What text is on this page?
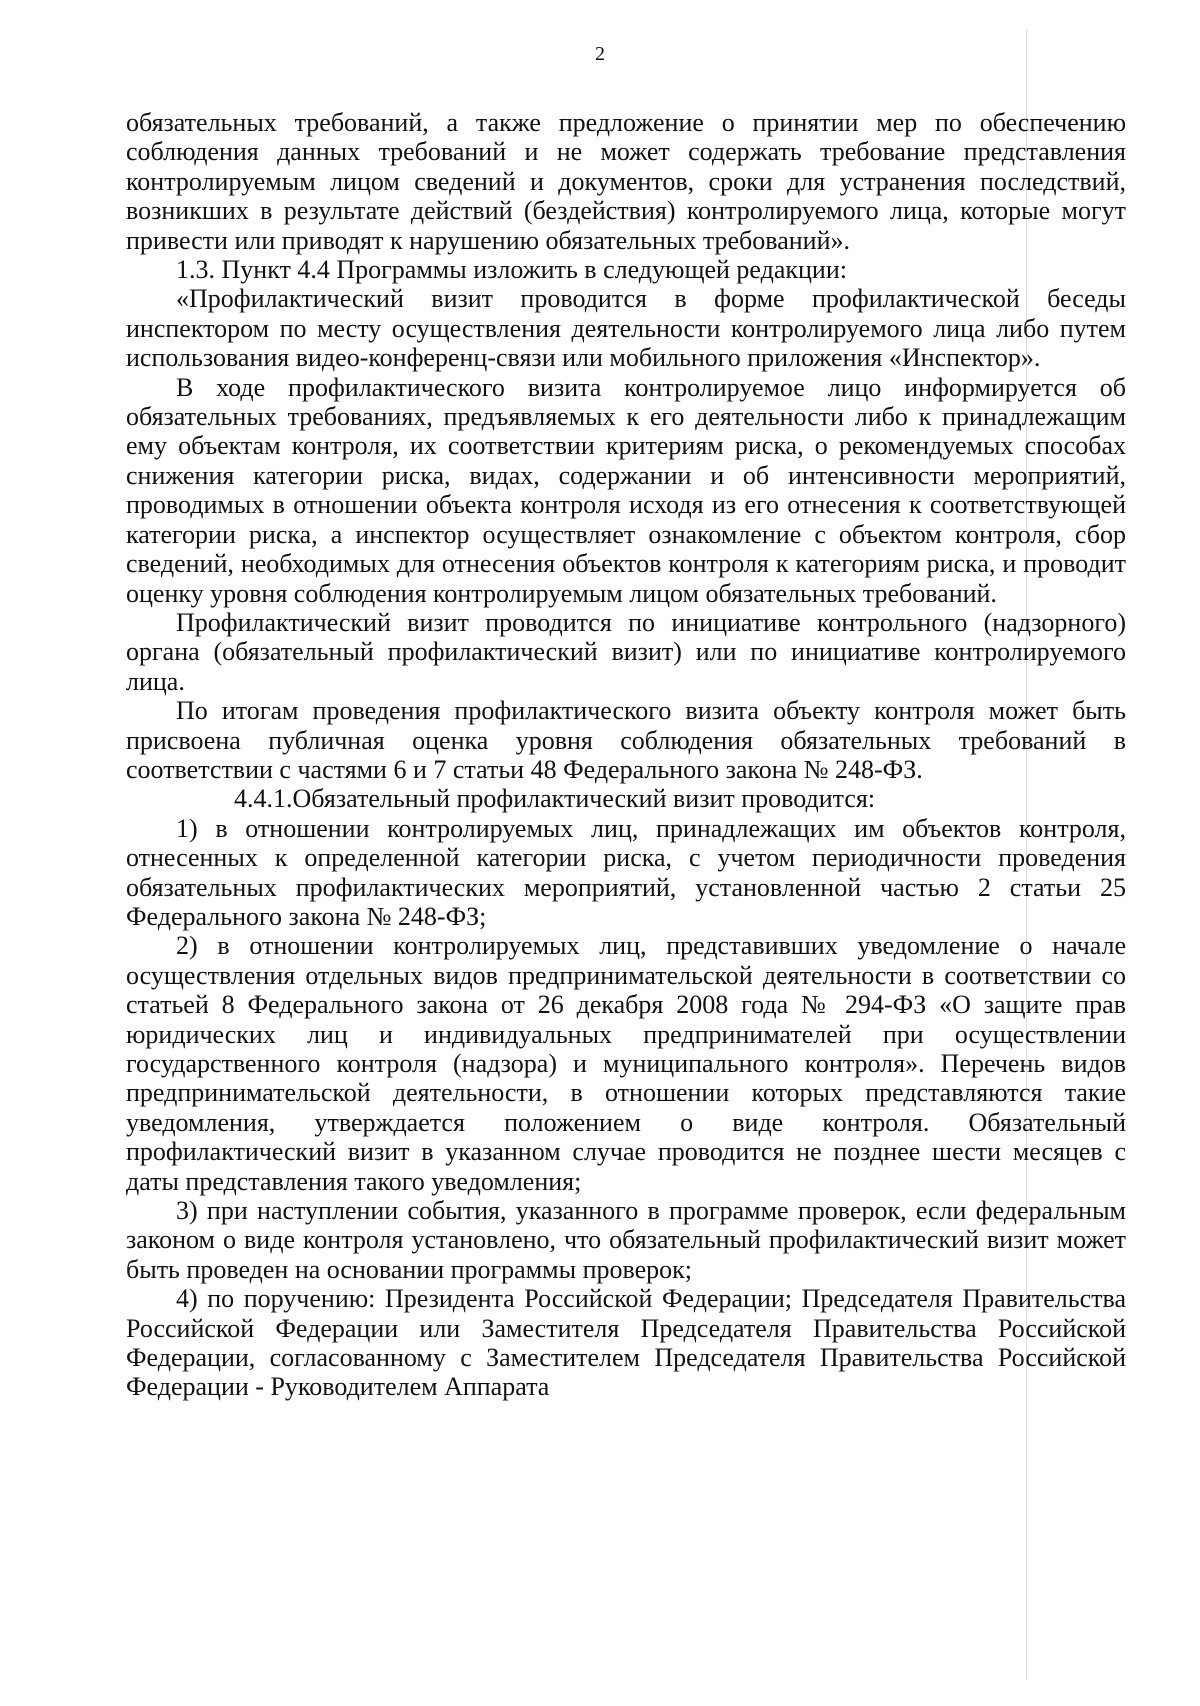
2

обязательных требований, а также предложение о принятии мер по обеспечению соблюдения данных требований и не может содержать требование представления контролируемым лицом сведений и документов, сроки для устранения последствий, возникших в результате действий (бездействия) контролируемого лица, которые могут привести или приводят к нарушению обязательных требований».

1.3. Пункт 4.4 Программы изложить в следующей редакции:

«Профилактический визит проводится в форме профилактической беседы инспектором по месту осуществления деятельности контролируемого лица либо путем использования видео-конференц-связи или мобильного приложения «Инспектор».

В ходе профилактического визита контролируемое лицо информируется об обязательных требованиях, предъявляемых к его деятельности либо к принадлежащим ему объектам контроля, их соответствии критериям риска, о рекомендуемых способах снижения категории риска, видах, содержании и об интенсивности мероприятий, проводимых в отношении объекта контроля исходя из его отнесения к соответствующей категории риска, а инспектор осуществляет ознакомление с объектом контроля, сбор сведений, необходимых для отнесения объектов контроля к категориям риска, и проводит оценку уровня соблюдения контролируемым лицом обязательных требований.

Профилактический визит проводится по инициативе контрольного (надзорного) органа (обязательный профилактический визит) или по инициативе контролируемого лица.

По итогам проведения профилактического визита объекту контроля может быть присвоена публичная оценка уровня соблюдения обязательных требований в соответствии с частями 6 и 7 статьи 48 Федерального закона № 248-ФЗ.

4.4.1.Обязательный профилактический визит проводится:

1) в отношении контролируемых лиц, принадлежащих им объектов контроля, отнесенных к определенной категории риска, с учетом периодичности проведения обязательных профилактических мероприятий, установленной частью 2 статьи 25 Федерального закона № 248-ФЗ;

2) в отношении контролируемых лиц, представивших уведомление о начале осуществления отдельных видов предпринимательской деятельности в соответствии со статьей 8 Федерального закона от 26 декабря 2008 года № 294-ФЗ «О защите прав юридических лиц и индивидуальных предпринимателей при осуществлении государственного контроля (надзора) и муниципального контроля». Перечень видов предпринимательской деятельности, в отношении которых представляются такие уведомления, утверждается положением о виде контроля. Обязательный профилактический визит в указанном случае проводится не позднее шести месяцев с даты представления такого уведомления;

3) при наступлении события, указанного в программе проверок, если федеральным законом о виде контроля установлено, что обязательный профилактический визит может быть проведен на основании программы проверок;

4) по поручению: Президента Российской Федерации; Председателя Правительства Российской Федерации или Заместителя Председателя Правительства Российской Федерации, согласованному с Заместителем Председателя Правительства Российской Федерации - Руководителем Аппарата
